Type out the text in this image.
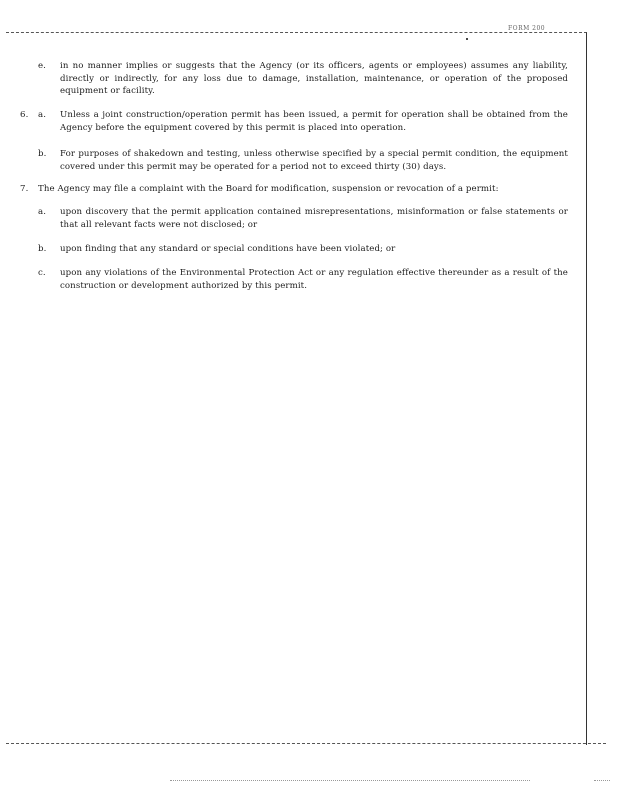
FORM 200
e. in no manner implies or suggests that the Agency (or its officers, agents or employees) assumes any liability, directly or indirectly, for any loss due to damage, installation, maintenance, or operation of the proposed equipment or facility.
6. a. Unless a joint construction/operation permit has been issued, a permit for operation shall be obtained from the Agency before the equipment covered by this permit is placed into operation.
b. For purposes of shakedown and testing, unless otherwise specified by a special permit condition, the equipment covered under this permit may be operated for a period not to exceed thirty (30) days.
7. The Agency may file a complaint with the Board for modification, suspension or revocation of a permit:
a. upon discovery that the permit application contained misrepresentations, misinformation or false statements or that all relevant facts were not disclosed; or
b. upon finding that any standard or special conditions have been violated; or
c. upon any violations of the Environmental Protection Act or any regulation effective thereunder as a result of the construction or development authorized by this permit.
